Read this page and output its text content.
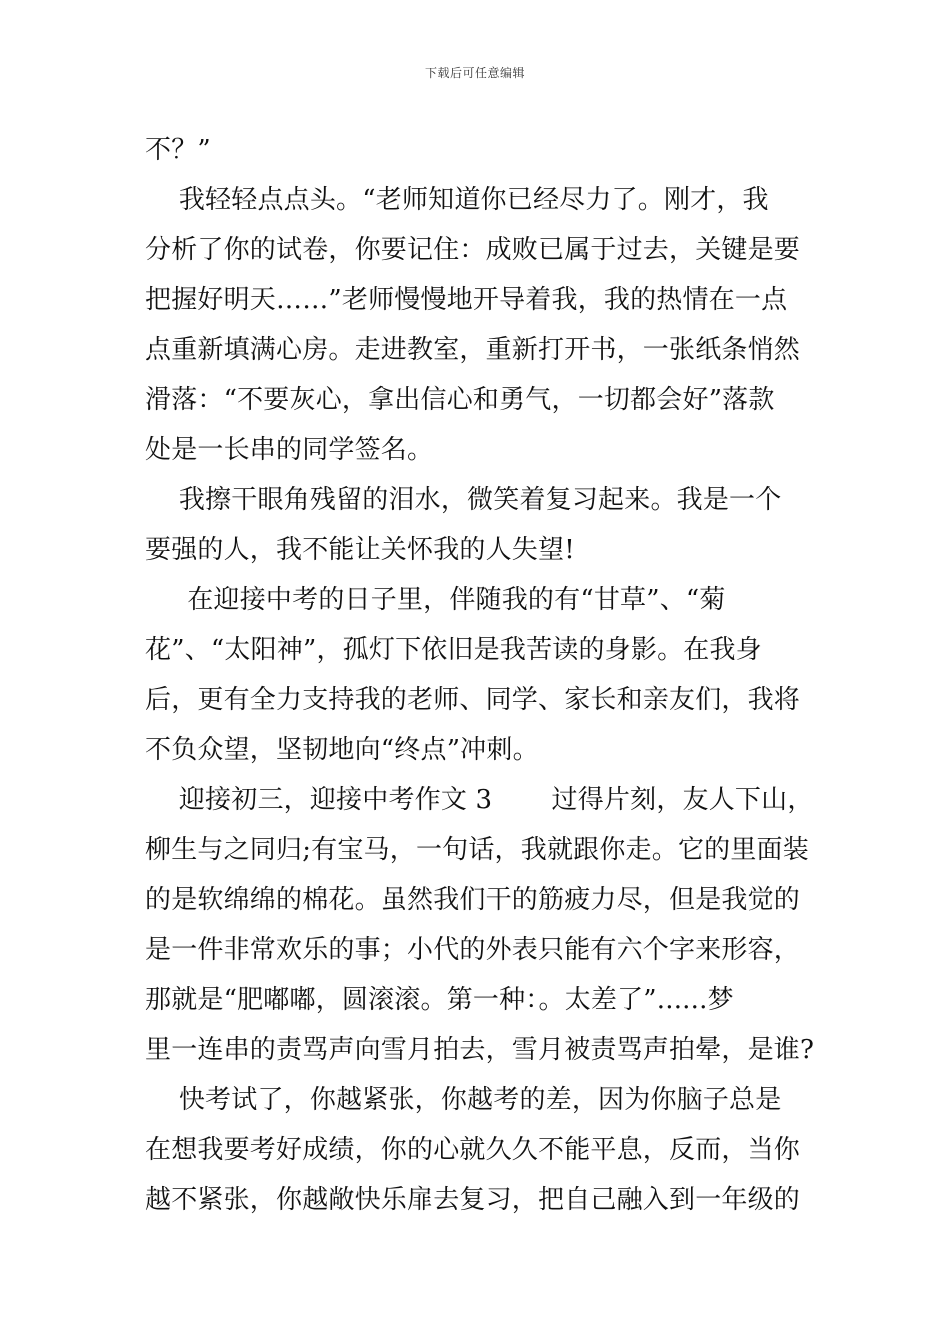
下载后可任意编辑
不？”
我轻轻点点头。“老师知道你已经尽力了。刚才，我
分析了你的试卷，你要记住：成败已属于过去，关键是要
把握好明天……”老师慢慢地开导着我，我的热情在一点
点重新填满心房。走进教室，重新打开书，一张纸条悄然
滑落：“不要灰心，拿出信心和勇气，一切都会好”落款
处是一长串的同学签名。
我擦干眼角残留的泪水，微笑着复习起来。我是一个
要强的人，我不能让关怀我的人失望!
在迎接中考的日子里，伴随我的有“甘草”、“菊
花”、“太阳神”，孤灯下依旧是我苦读的身影。在我身
后，更有全力支持我的老师、同学、家长和亲友们，我将
不负众望，坚韧地向“终点”冲刺。
迎接初三，迎接中考作文 3       过得片刻，友人下山，
柳生与之同归;有宝马，一句话，我就跟你走。它的里面装
的是软绵绵的棉花。虽然我们干的筋疲力尽，但是我觉的
是一件非常欢乐的事；小代的外表只能有六个字来形容，
那就是“肥嘟嘟，圆滚滚。第一种：。太差了”......梦
里一连串的责骂声向雪月拍去，雪月被责骂声拍晕，是谁?
快考试了，你越紧张，你越考的差，因为你脑子总是
在想我要考好成绩，你的心就久久不能平息，反而，当你
越不紧张，你越敞快乐扉去复习，把自己融入到一年级的
